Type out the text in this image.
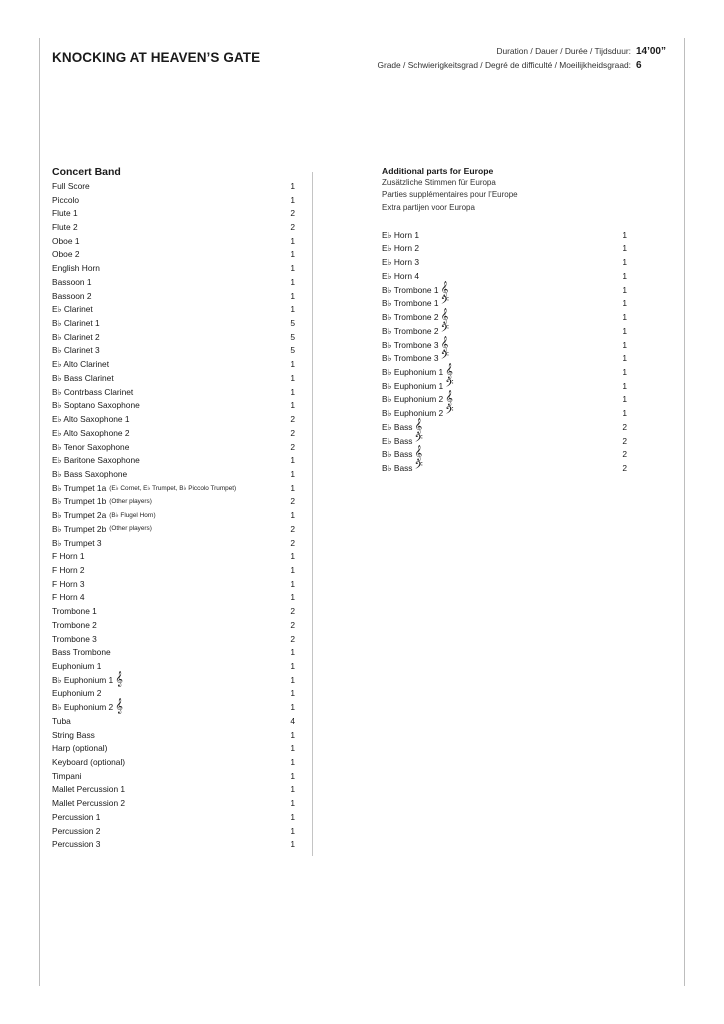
KNOCKING AT HEAVEN’S GATE	Duration / Dauer / Durée / Tijdsduur: 14’00”
Grade / Schwierigkeitsgrad / Degré de difficulté / Moeilijkheidsgraad: 6
Concert Band
Full Score	1
Piccolo	1
Flute 1	2
Flute 2	2
Oboe 1	1
Oboe 2	1
English Horn	1
Bassoon 1	1
Bassoon 2	1
E♭ Clarinet	1
B♭ Clarinet 1	5
B♭ Clarinet 2	5
B♭ Clarinet 3	5
E♭ Alto Clarinet	1
B♭ Bass Clarinet	1
B♭ Contrbass Clarinet	1
B♭ Soptano Saxophone	1
E♭ Alto Saxophone 1	2
E♭ Alto Saxophone 2	2
B♭ Tenor Saxophone	2
E♭ Baritone Saxophone	1
B♭ Bass Saxophone	1
B♭ Trumpet 1a (E♭ Cornet, E♭ Trumpet, B♭ Piccolo Trumpet)	1
B♭ Trumpet 1b (Other players)	2
B♭ Trumpet 2a (B♭ Flugel Horn)	1
B♭ Trumpet 2b (Other players)	2
B♭ Trumpet 3	2
F Horn 1	1
F Horn 2	1
F Horn 3	1
F Horn 4	1
Trombone 1	2
Trombone 2	2
Trombone 3	2
Bass Trombone	1
Euphonium 1	1
B♭ Euphonium 1 𝄞	1
Euphonium 2	1
B♭ Euphonium 2 𝄞	1
Tuba	4
String Bass	1
Harp (optional)	1
Keyboard (optional)	1
Timpani	1
Mallet Percussion 1	1
Mallet Percussion 2	1
Percussion 1	1
Percussion 2	1
Percussion 3	1
Additional parts for Europe
Zusätzliche Stimmen für Europa
Parties supplémentaires pour l’Europe
Extra partijen voor Europa
E♭ Horn 1	1
E♭ Horn 2	1
E♭ Horn 3	1
E♭ Horn 4	1
B♭ Trombone 1 𝄞	1
B♭ Trombone 1 𝄢	1
B♭ Trombone 2 𝄞	1
B♭ Trombone 2 𝄢	1
B♭ Trombone 3 𝄞	1
B♭ Trombone 3 𝄢	1
B♭ Euphonium 1 𝄞	1
B♭ Euphonium 1 𝄢	1
B♭ Euphonium 2 𝄞	1
B♭ Euphonium 2 𝄢	1
E♭ Bass 𝄞	2
E♭ Bass 𝄢	2
B♭ Bass 𝄞	2
B♭ Bass 𝄢	2
